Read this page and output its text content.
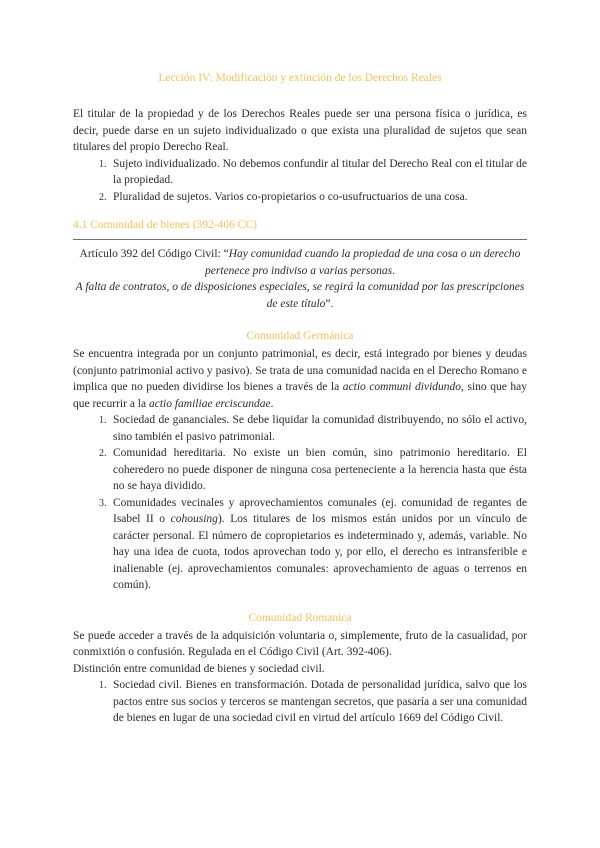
Lección IV: Modificación y extinción de los Derechos Reales

El titular de la propiedad y de los Derechos Reales puede ser una persona física o jurídica, es decir, puede darse en un sujeto individualizado o que exista una pluralidad de sujetos que sean titulares del propio Derecho Real.

1. Sujeto individualizado. No debemos confundir al titular del Derecho Real con el titular de la propiedad.
2. Pluralidad de sujetos. Varios co-propietarios o co-usufructuarios de una cosa.
4.1 Comunidad de bienes (392-406 CC)
Artículo 392 del Código Civil: “Hay comunidad cuando la propiedad de una cosa o un derecho pertenece pro indiviso a varias personas.
A falta de contratos, o de disposiciones especiales, se regirá la comunidad por las prescripciones de este título”.
Comunidad Germánica

Se encuentra integrada por un conjunto patrimonial, es decir, está integrado por bienes y deudas (conjunto patrimonial activo y pasivo). Se trata de una comunidad nacida en el Derecho Romano e implica que no pueden dividirse los bienes a través de la actio communi dividundo, sino que hay que recurrir a la actio familiae erciscundae.

1. Sociedad de gananciales. Se debe liquidar la comunidad distribuyendo, no sólo el activo, sino también el pasivo patrimonial.
2. Comunidad hereditaria. No existe un bien común, sino patrimonio hereditario. El coheredero no puede disponer de ninguna cosa perteneciente a la herencia hasta que ésta no se haya dividido.
3. Comunidades vecinales y aprovechamientos comunales (ej. comunidad de regantes de Isabel II o cohousing). Los titulares de los mismos están unidos por un vínculo de carácter personal. El número de copropietarios es indeterminado y, además, variable. No hay una idea de cuota, todos aprovechan todo y, por ello, el derecho es intransferible e inalienable (ej. aprovechamientos comunales: aprovechamiento de aguas o terrenos en común).
Comunidad Romanica

Se puede acceder a través de la adquisición voluntaria o, simplemente, fruto de la casualidad, por conmixtión o confusión. Regulada en el Código Civil (Art. 392-406).

Distinción entre comunidad de bienes y sociedad civil.

1. Sociedad civil. Bienes en transformación. Dotada de personalidad jurídica, salvo que los pactos entre sus socios y terceros se mantengan secretos, que pasaría a ser una comunidad de bienes en lugar de una sociedad civil en virtud del artículo 1669 del Código Civil.
